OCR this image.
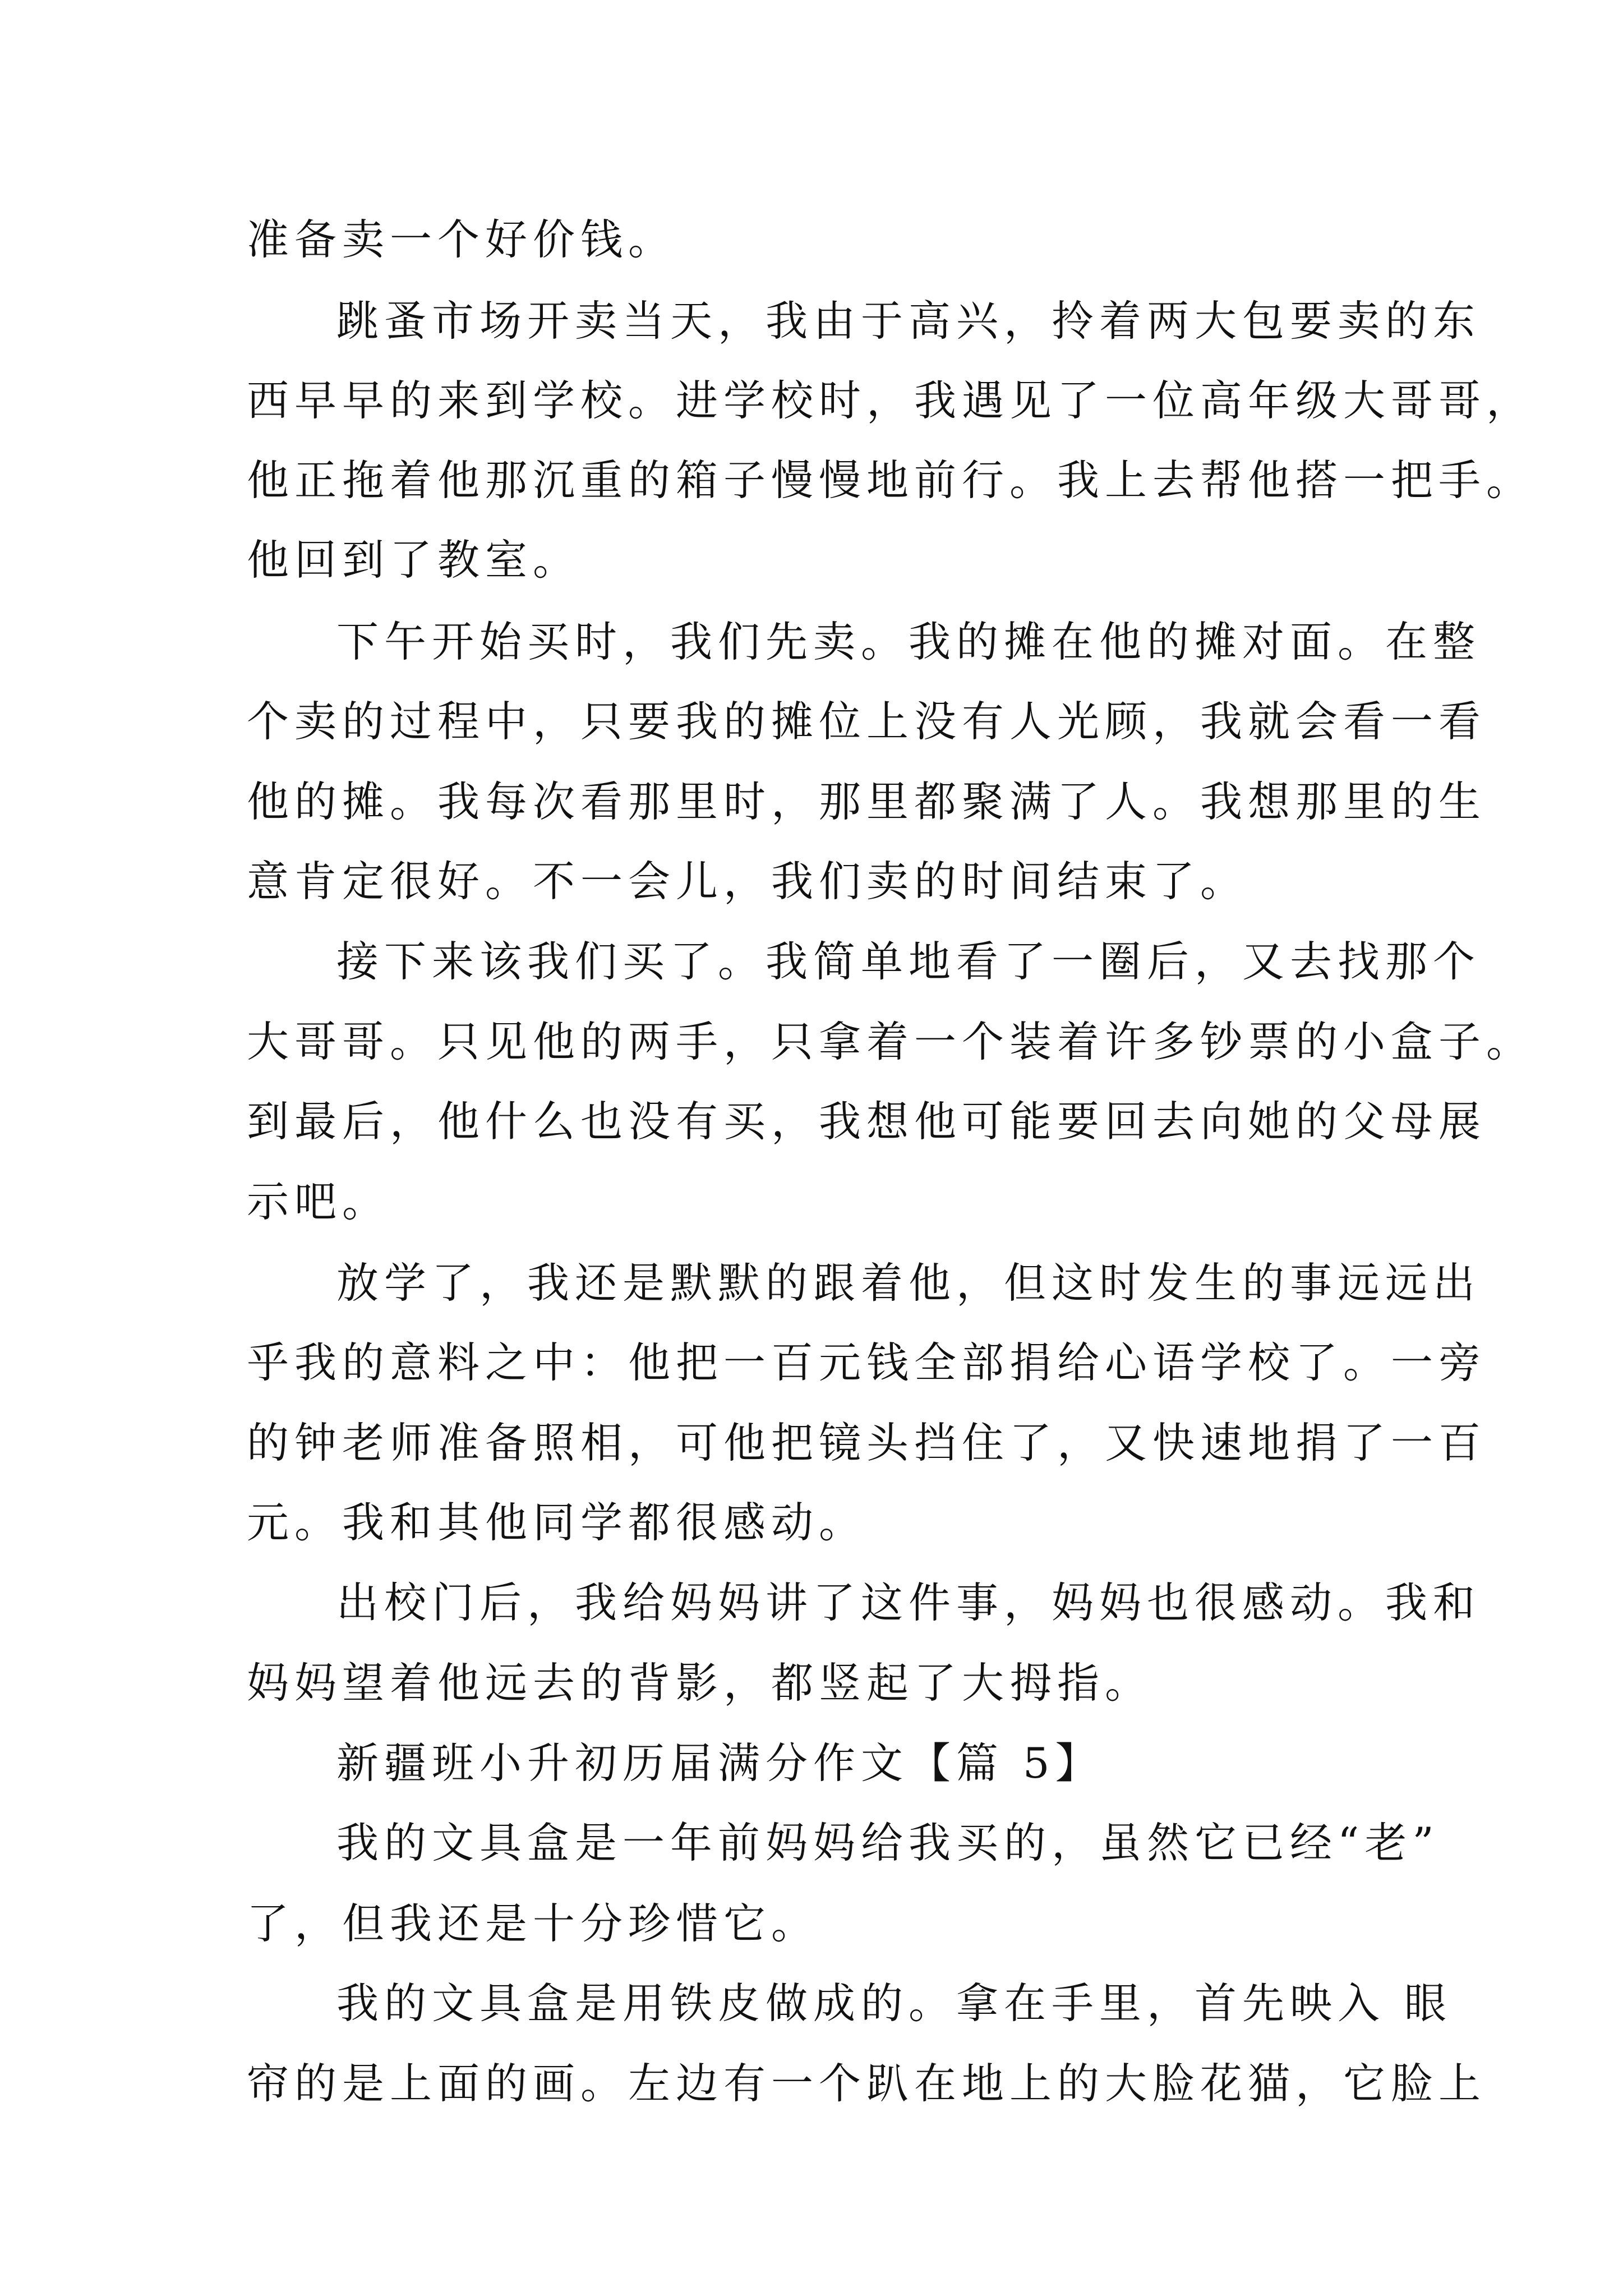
准备卖一个好价钱。
跳蚤市场开卖当天，我由于高兴，拎着两大包要卖的东
西早早的来到学校。进学校时，我遇见了一位高年级大哥哥，
他正拖着他那沉重的箱子慢慢地前行。我上去帮他搭一把手。
他回到了教室。
下午开始买时，我们先卖。我的摊在他的摊对面。在整
个卖的过程中，只要我的摊位上没有人光顾，我就会看一看
他的摊。我每次看那里时，那里都聚满了人。我想那里的生
意肯定很好。不一会儿，我们卖的时间结束了。
接下来该我们买了。我简单地看了一圈后，又去找那个
大哥哥。只见他的两手，只拿着一个装着许多钞票的小盒子。
到最后，他什么也没有买，我想他可能要回去向她的父母展
示吧。
放学了，我还是默默的跟着他，但这时发生的事远远出
乎我的意料之中：他把一百元钱全部捐给心语学校了。一旁
的钟老师准备照相，可他把镜头挡住了，又快速地捐了一百
元。我和其他同学都很感动。
出校门后，我给妈妈讲了这件事，妈妈也很感动。我和
妈妈望着他远去的背影，都竖起了大拇指。
新疆班小升初历届满分作文【篇 5】
我的文具盒是一年前妈妈给我买的，虽然它已经“老”
了，但我还是十分珍惜它。
我的文具盒是用铁皮做成的。拿在手里，首先映入 眼
帘的是上面的画。左边有一个趴在地上的大脸花猫，它脸上
